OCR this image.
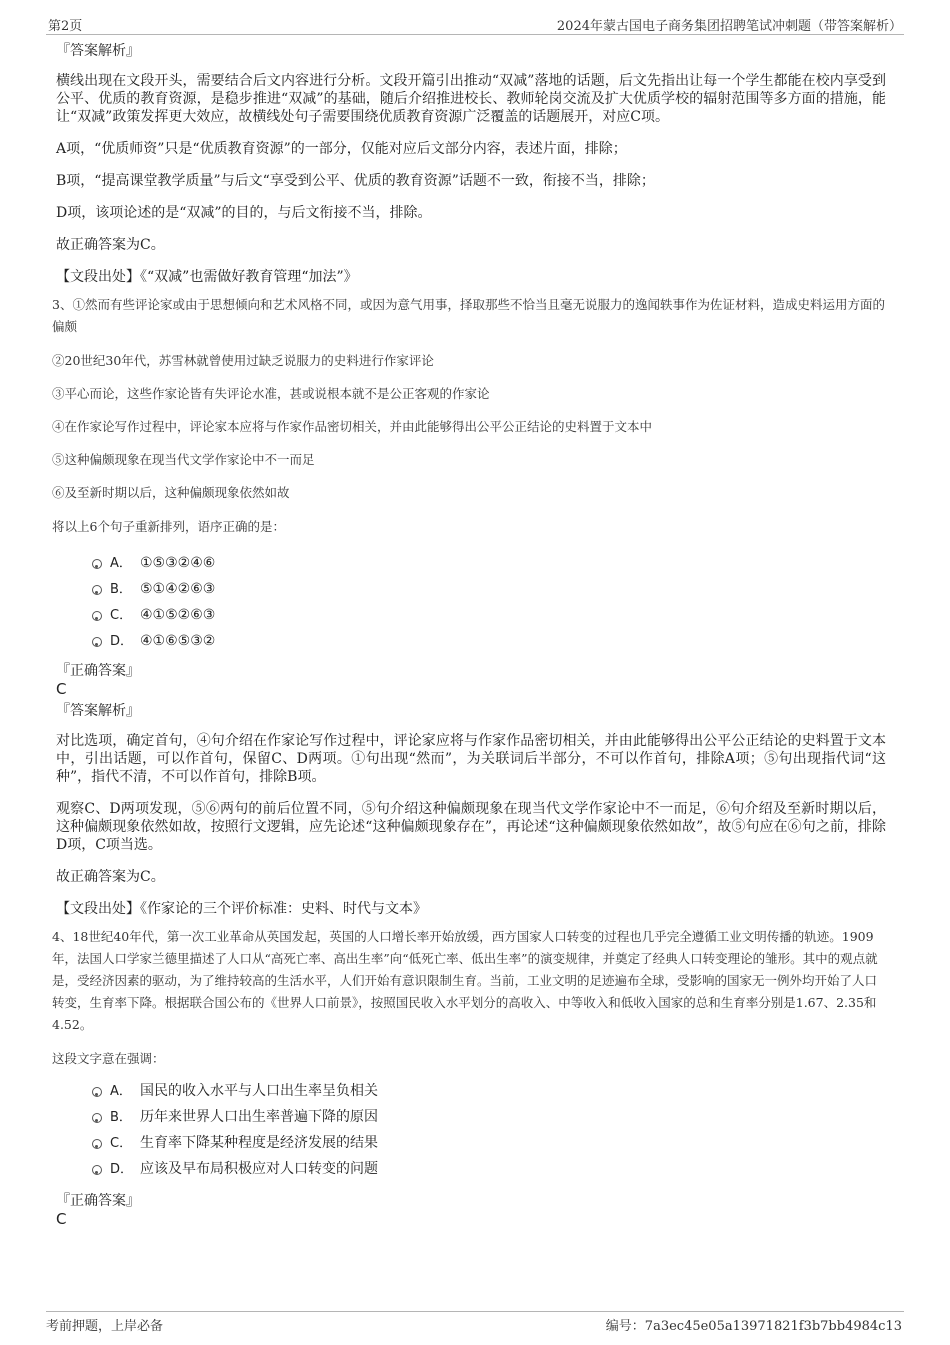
第2页	2024年蒙古国电子商务集团招聘笔试冲刺题（带答案解析）

『答案解析』

横线出现在文段开头，需要结合后文内容进行分析。文段开篇引出推动“双减”落地的话题，后文先指出让每一个学生都能在校内享受到公平、优质的教育资源，是稳步推进“双减”的基础，随后介绍推进校长、教师轮岗交流及扩大优质学校的辐射范围等多方面的措施，能让“双减”政策发挥更大效应，故横线处句子需要围绕优质教育资源广泛覆盖的话题展开，对应C项。

A项，“优质师资”只是“优质教育资源”的一部分，仅能对应后文部分内容，表述片面，排除；

B项，“提高课堂教学质量”与后文“享受到公平、优质的教育资源”话题不一致，衔接不当，排除；

D项，该项论述的是“双减”的目的，与后文衔接不当，排除。

故正确答案为C。

【文段出处】《“双减”也需做好教育管理“加法”》

3、①然而有些评论家或由于思想倾向和艺术风格不同，或因为意气用事，择取那些不恰当且毫无说服力的逸闻轶事作为佐证材料，造成史料运用方面的偏颇

②20世纪30年代，苏雪林就曾使用过缺乏说服力的史料进行作家评论

③平心而论，这些作家论皆有失评论水准，甚或说根本就不是公正客观的作家论

④在作家论写作过程中，评论家本应将与作家作品密切相关，并由此能够得出公平公正结论的史料置于文本中

⑤这种偏颇现象在现当代文学作家论中不一而足

⑥及至新时期以后，这种偏颇现象依然如故

将以上6个句子重新排列，语序正确的是：

A． ①⑤③②④⑥
B． ⑤①④②⑥③
C． ④①⑤②⑥③
D． ④①⑥⑤③②

『正确答案』

C

『答案解析』

对比选项，确定首句，④句介绍在作家论写作过程中，评论家应将与作家作品密切相关，并由此能够得出公平公正结论的史料置于文本中，引出话题，可以作首句，保留C、D两项。①句出现“然而”，为关联词后半部分，不可以作首句，排除A项；⑤句出现指代词“这种”，指代不清，不可以作首句，排除B项。

观察C、D两项发现，⑤⑥两句的前后位置不同，⑤句介绍这种偏颇现象在现当代文学作家论中不一而足，⑥句介绍及至新时期以后，这种偏颇现象依然如故，按照行文逻辑，应先论述“这种偏颇现象存在”，再论述“这种偏颇现象依然如故”，故⑤句应在⑥句之前，排除D项，C项当选。

故正确答案为C。

【文段出处】《作家论的三个评价标准：史料、时代与文本》

4、18世纪40年代，第一次工业革命从英国发起，英国的人口增长率开始放缓，西方国家人口转变的过程也几乎完全遵循工业文明传播的轨迹。1909年，法国人口学家兰德里描述了人口从“高死亡率、高出生率”向“低死亡率、低出生率”的演变规律，并奠定了经典人口转变理论的雏形。其中的观点就是，受经济因素的驱动，为了维持较高的生活水平，人们开始有意识限制生育。当前，工业文明的足迹遍布全球，受影响的国家无一例外均开始了人口转变，生育率下降。根据联合国公布的《世界人口前景》，按照国民收入水平划分的高收入、中等收入和低收入国家的总和生育率分别是1.67、2.35和4.52。

这段文字意在强调：

A． 国民的收入水平与人口出生率呈负相关
B． 历年来世界人口出生率普遍下降的原因
C． 生育率下降某种程度是经济发展的结果
D． 应该及早布局积极应对人口转变的问题

『正确答案』

C

考前押题，上岸必备	编号：7a3ec45e05a13971821f3b7bb4984c13
